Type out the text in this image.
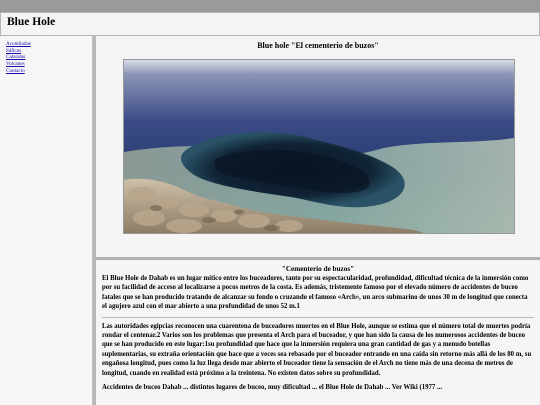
Blue Hole
Acontiladas
Sáficas
Cataratas
Volcanes
Contacto
Blue hole "El cementerio de buzos"
"Cementerio de buzos"

El Blue Hole de Dahab es un lugar mítico entre los buceadores, tanto por su espectacularidad, profundidad, dificultad técnica de la inmersión como por su facilidad de acceso al localizarse a pocos metros de la costa. Es además, tristemente famoso por el elevado número de accidentes de buceo fatales que se han producido tratando de alcanzar su fondo o cruzando el famoso «Arch», un arco submarino de unos 30 m de longitud que conecta el agujero azul con el mar abierto a una profundidad de unos 52 m.1

Las autoridades egipcias reconocen una cuarentena de buceadores muertos en el Blue Hole, aunque se estima que el número total de muertes podría rondar el centenar.2 Varios son los problemas que presenta el Arch para el buceador, y que han sido la causa de los numerosos accidentes de buceo que se han producido en este lugar:1su profundidad que hace que la inmersión requiera una gran cantidad de gas y a menudo botellas suplementarias, su extraña orientación que hace que a veces sea rebasado por el buceador entrando en una caída sin retorno más allá de los 80 m, su engañosa longitud, pues como la luz llega desde mar abierto el buceador tiene la sensación de el Arch no tiene más de una decena de metros de longitud, cuando en realidad está próximo a la treintena. No existen datos sobre su profundidad.

Accidentes de buceo Dahab ... distintos lugares de buceo, muy dificultad ... el Blue Hole de Dahab ... Ver Wiki (1977 ...
